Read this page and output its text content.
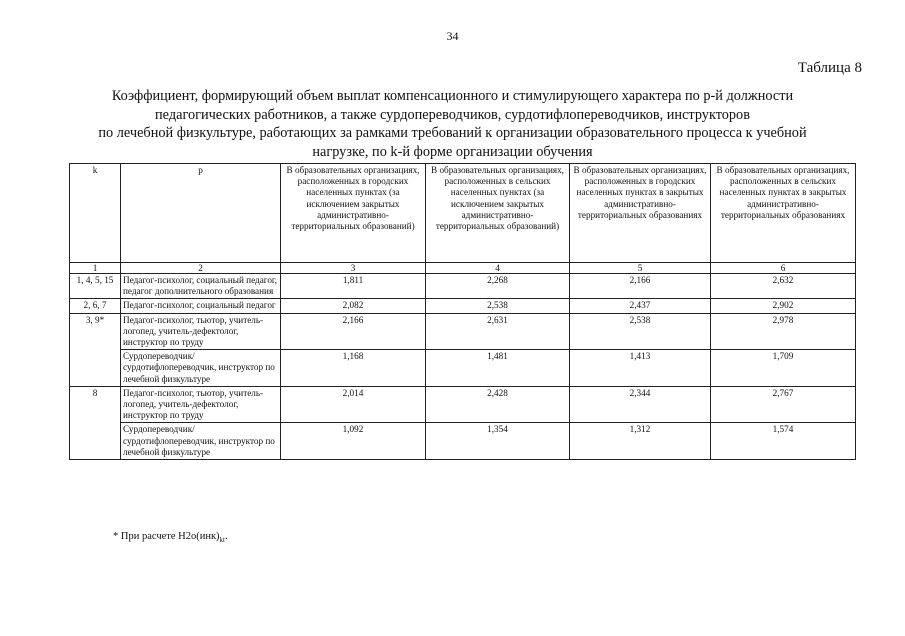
34
Таблица 8
Коэффициент, формирующий объем выплат компенсационного и стимулирующего характера по p-й должности
педагогических работников, а также сурдопереводчиков, сурдотифлопереводчиков, инструкторов
по лечебной физкультуре, работающих за рамками требований к организации образовательного процесса к учебной
нагрузке, по k-й форме организации обучения
k	p	В образовательных организациях, расположенных в городских населенных пунктах (за исключением закрытых административно-территориальных образований)	В образовательных организациях, расположенных в сельских населенных пунктах (за исключением закрытых административно-территориальных образований)	В образовательных организациях, расположенных в городских населенных пунктах в закрытых административно-территориальных образованиях	В образовательных организациях, расположенных в сельских населенных пунктах в закрытых административно-территориальных образованиях
1	2	3	4	5	6
1, 4, 5, 15	Педагог-психолог, социальный педагог, педагог дополнительного образования	1,811	2,268	2,166	2,632
2, 6, 7	Педагог-психолог, социальный педагог	2,082	2,538	2,437	2,902
3, 9*	Педагог-психолог, тьютор, учитель-логопед, учитель-дефектолог, инструктор по труду	2,166	2,631	2,538	2,978
	Сурдопереводчик/ сурдотифлопереводчик, инструктор по лечебной физкультуре	1,168	1,481	1,413	1,709
8	Педагог-психолог, тьютор, учитель-логопед, учитель-дефектолог, инструктор по труду	2,014	2,428	2,344	2,767
	Сурдопереводчик/ сурдотифлопереводчик, инструктор по лечебной физкультуре	1,092	1,354	1,312	1,574
* При расчете $Н2о(инк)_{kt}$.
